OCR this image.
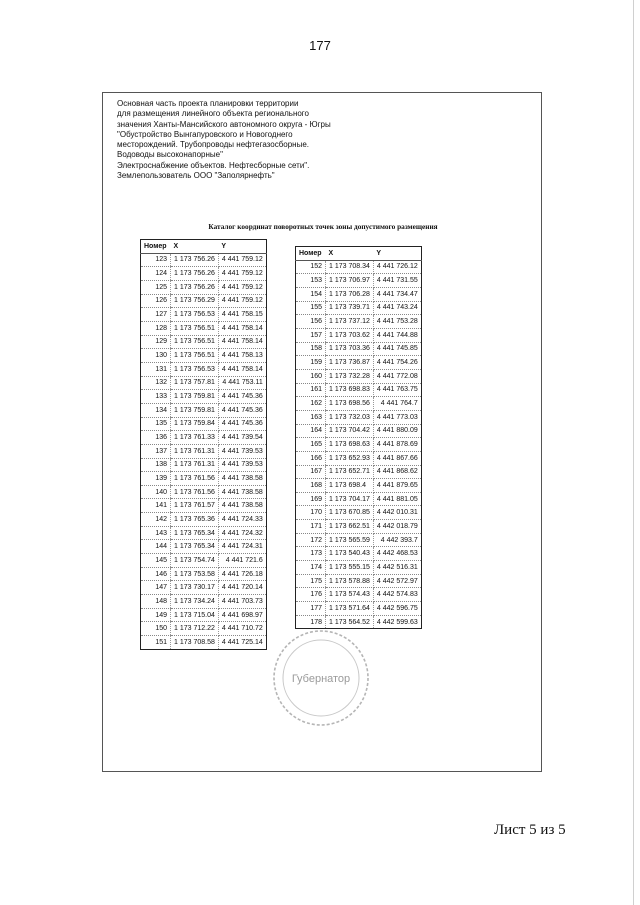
177
Основная часть проекта планировки территории
для размещения линейного объекта регионального
значения Ханты-Мансийского автономного округа - Югры
"Обустройство Вынгапуровского и Новогоднего
месторождений. Трубопроводы нефтегазосборные.
Водоводы высоконапорные"
Электроснабжение объектов. Нефтесборные сети".
Землепользователь ООО "Заполярнефть"
Каталог координат поворотных точек зоны допустимого размещения
Номер	X	Y
123	1 173 756.26	4 441 759.12
124	1 173 756.26	4 441 759.12
125	1 173 756.26	4 441 759.12
126	1 173 756.29	4 441 759.12
127	1 173 756.53	4 441 758.15
128	1 173 756.51	4 441 758.14
129	1 173 756.51	4 441 758.14
130	1 173 756.51	4 441 758.13
131	1 173 756.53	4 441 758.14
132	1 173 757.81	4 441 753.11
133	1 173 759.81	4 441 745.36
134	1 173 759.81	4 441 745.36
135	1 173 759.84	4 441 745.36
136	1 173 761.33	4 441 739.54
137	1 173 761.31	4 441 739.53
138	1 173 761.31	4 441 739.53
139	1 173 761.56	4 441 738.58
140	1 173 761.56	4 441 738.58
141	1 173 761.57	4 441 738.58
142	1 173 765.36	4 441 724.33
143	1 173 765.34	4 441 724.32
144	1 173 765.34	4 441 724.31
145	1 173 754.74	4 441 721.6
146	1 173 753.58	4 441 726.18
147	1 173 730.17	4 441 720.14
148	1 173 734.24	4 441 703.73
149	1 173 715.04	4 441 698.97
150	1 173 712.22	4 441 710.72
151	1 173 708.58	4 441 725.14
Номер	X	Y
152	1 173 708.34	4 441 726.12
153	1 173 706.97	4 441 731.55
154	1 173 706.28	4 441 734.47
155	1 173 739.71	4 441 743.24
156	1 173 737.12	4 441 753.28
157	1 173 703.62	4 441 744.88
158	1 173 703.36	4 441 745.85
159	1 173 736.87	4 441 754.26
160	1 173 732.28	4 441 772.08
161	1 173 698.83	4 441 763.75
162	1 173 698.56	4 441 764.7
163	1 173 732.03	4 441 773.03
164	1 173 704.42	4 441 880.09
165	1 173 698.63	4 441 878.69
166	1 173 652.93	4 441 867.66
167	1 173 652.71	4 441 868.62
168	1 173 698.4	4 441 879.65
169	1 173 704.17	4 441 881.05
170	1 173 670.85	4 442 010.31
171	1 173 662.51	4 442 018.79
172	1 173 565.59	4 442 393.7
173	1 173 540.43	4 442 468.53
174	1 173 555.15	4 442 516.31
175	1 173 578.88	4 442 572.97
176	1 173 574.43	4 442 574.83
177	1 173 571.64	4 442 596.75
178	1 173 564.52	4 442 599.63
Губернатор
Лист 5 из 5
